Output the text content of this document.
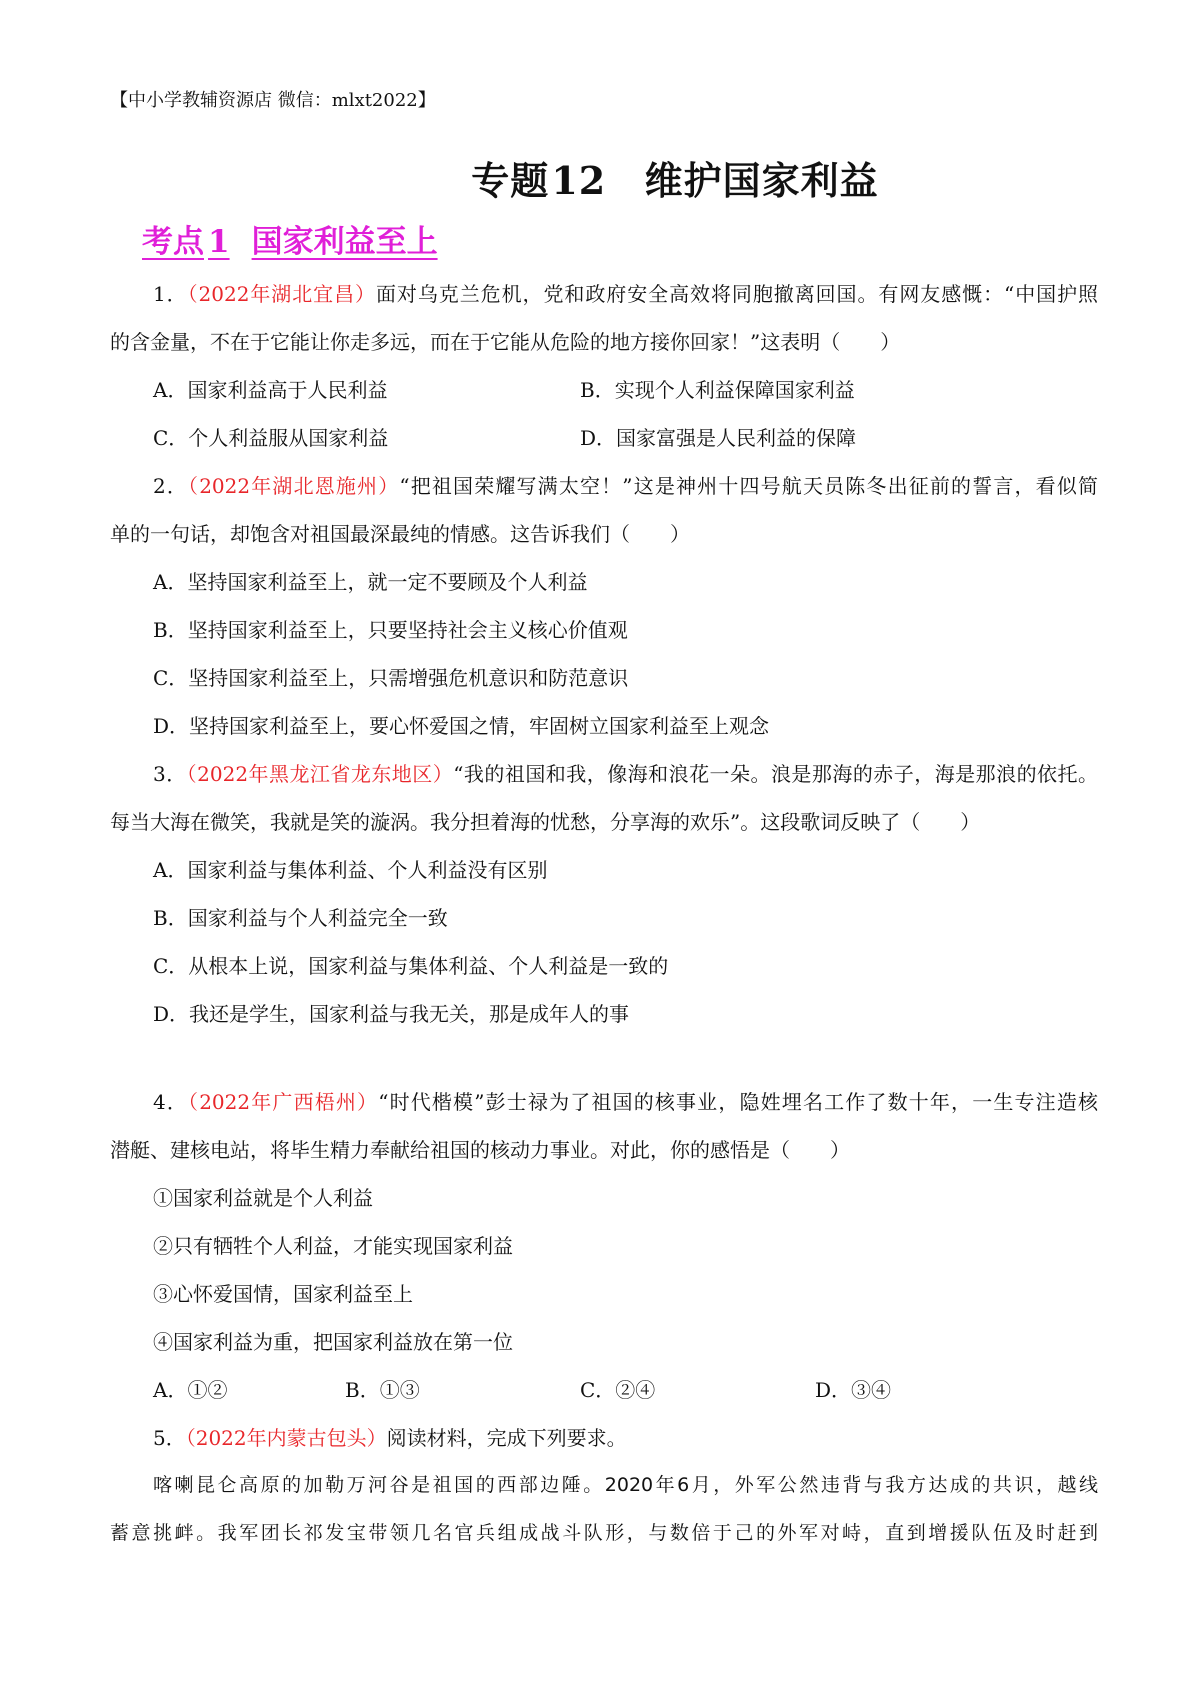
【中小学教辅资源店 微信：mlxt2022】
专题12 维护国家利益
考点 1 国家利益至上
1．（2022年湖北宜昌）面对乌克兰危机，党和政府安全高效将同胞撤离回国。有网友感慨：“中国护照
的含金量，不在于它能让你走多远，而在于它能从危险的地方接你回家！”这表明（　　）
A．国家利益高于人民利益	B．实现个人利益保障国家利益
C．个人利益服从国家利益	D．国家富强是人民利益的保障
2．（2022年湖北恩施州）“把祖国荣耀写满太空！”这是神州十四号航天员陈冬出征前的誓言，看似简
单的一句话，却饱含对祖国最深最纯的情感。这告诉我们（　　）
A．坚持国家利益至上，就一定不要顾及个人利益
B．坚持国家利益至上，只要坚持社会主义核心价值观
C．坚持国家利益至上，只需增强危机意识和防范意识
D．坚持国家利益至上，要心怀爱国之情，牢固树立国家利益至上观念
3．（2022年黑龙江省龙东地区）“我的祖国和我，像海和浪花一朵。浪是那海的赤子，海是那浪的依托。
每当大海在微笑，我就是笑的漩涡。我分担着海的忧愁，分享海的欢乐”。这段歌词反映了（　　）
A．国家利益与集体利益、个人利益没有区别
B．国家利益与个人利益完全一致
C．从根本上说，国家利益与集体利益、个人利益是一致的
D．我还是学生，国家利益与我无关，那是成年人的事
4．（2022年广西梧州）“时代楷模”彭士禄为了祖国的核事业，隐姓埋名工作了数十年，一生专注造核
潜艇、建核电站，将毕生精力奉献给祖国的核动力事业。对此，你的感悟是（　　）
①国家利益就是个人利益
②只有牺牲个人利益，才能实现国家利益
③心怀爱国情，国家利益至上
④国家利益为重，把国家利益放在第一位
A．①②	B．①③	C．②④	D．③④
5．（2022年内蒙古包头）阅读材料，完成下列要求。
喀喇昆仑高原的加勒万河谷是祖国的西部边陲。2020年6月，外军公然违背与我方达成的共识，越线
蓄意挑衅。我军团长祁发宝带领几名官兵组成战斗队形，与数倍于己的外军对峙，直到增援队伍及时赶到
